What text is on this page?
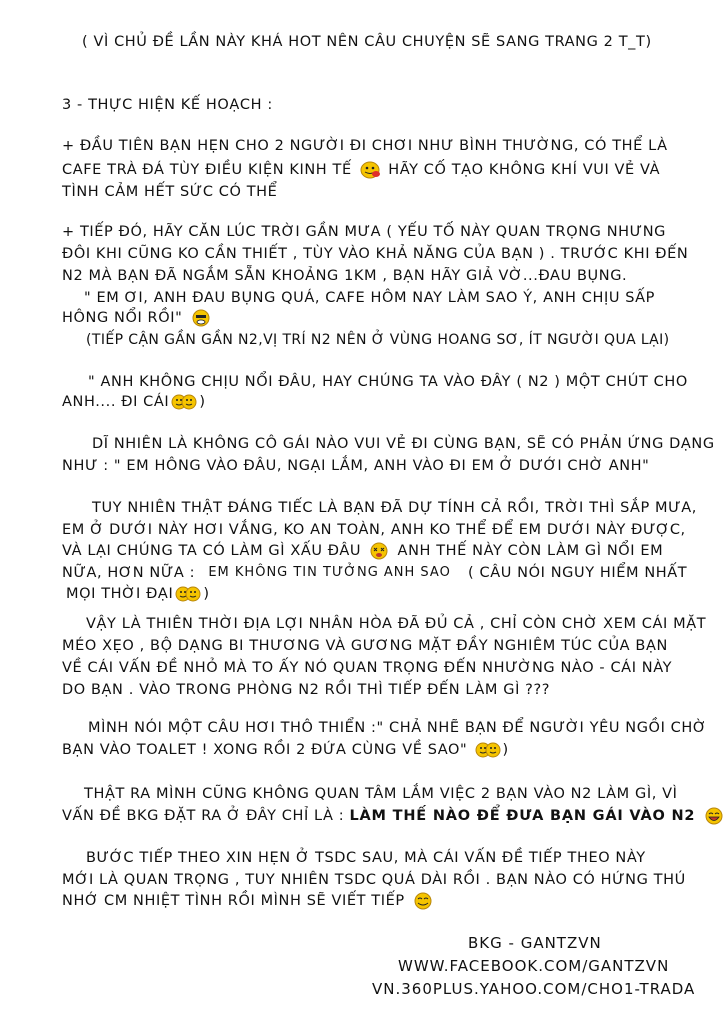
( VÌ CHỦ ĐỀ LẦN NÀY KHÁ HOT NÊN CÂU CHUYỆN SẼ SANG TRANG 2 T_T)
3 - THỰC HIỆN KẾ HOẠCH :
+ ĐẦU TIÊN BẠN HẸN CHO 2 NGƯỜI ĐI CHƠI NHƯ BÌNH THƯỜNG, CÓ THỂ LÀ
CAFE TRÀ ĐÁ TÙY ĐIỀU KIỆN KINH TẾ	HÃY CỐ TẠO KHÔNG KHÍ VUI VẺ VÀ
TÌNH CẢM HẾT SỨC CÓ THỂ
+ TIẾP ĐÓ, HÃY CĂN LÚC TRỜI GẦN MƯA ( YẾU TỐ NÀY QUAN TRỌNG NHƯNG
ĐÔI KHI CŨNG KO CẦN THIẾT , TÙY VÀO KHẢ NĂNG CỦA BẠN ) . TRƯỚC KHI ĐẾN
N2 MÀ BẠN ĐÃ NGẮM SẴN KHOẢNG 1KM , BẠN HÃY GIẢ VỜ...ĐAU BỤNG.
" EM ƠI, ANH ĐAU BỤNG QUÁ, CAFE HÔM NAY LÀM SAO Ý, ANH CHỊU SẤP
HÔNG NỔI RỒI"
(TIẾP CẬN GẦN GẦN N2,VỊ TRÍ N2 NÊN Ở VÙNG HOANG SƠ, ÍT NGƯỜI QUA LẠI)
" ANH KHÔNG CHỊU NỔI ĐÂU, HAY CHÚNG TA VÀO ĐÂY ( N2 ) MỘT CHÚT CHO
ANH.... ĐI CÁI )
DĨ NHIÊN LÀ KHÔNG CÔ GÁI NÀO VUI VẺ ĐI CÙNG BẠN, SẼ CÓ PHẢN ỨNG DẠNG
NHƯ : " EM HÔNG VÀO ĐÂU, NGẠI LẮM, ANH VÀO ĐI EM Ở DƯỚI CHỜ ANH"
TUY NHIÊN THẬT ĐÁNG TIẾC LÀ BẠN ĐÃ DỰ TÍNH CẢ RỒI, TRỜI THÌ SẮP MƯA,
EM Ở DƯỚI NÀY HƠI VẮNG, KO AN TOÀN, ANH KO THỂ ĐỂ EM DƯỚI NÀY ĐƯỢC,
VÀ LẠI CHÚNG TA CÓ LÀM GÌ XẤU ĐÂU	ANH THẾ NÀY CÒN LÀM GÌ NỔI EM
NỮA, HƠN NỮA : EM KHÔNG TIN TƯỞNG ANH SAO ( CÂU NÓI NGUY HIỂM NHẤT
MỌI THỜI ĐẠI )
VẬY LÀ THIÊN THỜI ĐỊA LỢI NHÂN HÒA ĐÃ ĐỦ CẢ , CHỈ CÒN CHỜ XEM CÁI MẶT
MÉO XẸO , BỘ DẠNG BI THƯƠNG VÀ GƯƠNG MẶT ĐẦY NGHIÊM TÚC CỦA BẠN
VỀ CÁI VẤN ĐỀ NHỎ MÀ TO ẤY NÓ QUAN TRỌNG ĐẾN NHƯỜNG NÀO - CÁI NÀY
DO BẠN . VÀO TRONG PHÒNG N2 RỒI THÌ TIẾP ĐẾN LÀM GÌ ???
MÌNH NÓI MỘT CÂU HƠI THÔ THIỂN :" CHẢ NHẼ BẠN ĐỂ NGƯỜI YÊU NGỒI CHỜ
BẠN VÀO TOALET ! XONG RỒI 2 ĐỨA CÙNG VỀ SAO" )
THẬT RA MÌNH CŨNG KHÔNG QUAN TÂM LẮM VIỆC 2 BẠN VÀO N2 LÀM GÌ, VÌ
VẤN ĐỀ BKG ĐẶT RA Ở ĐÂY CHỈ LÀ : LÀM THẾ NÀO ĐỂ ĐƯA BẠN GÁI VÀO N2
BƯỚC TIẾP THEO XIN HẸN Ở TSDC SAU, MÀ CÁI VẤN ĐỀ TIẾP THEO NÀY
MỚI LÀ QUAN TRỌNG , TUY NHIÊN TSDC QUÁ DÀI RỒI . BẠN NÀO CÓ HỨNG THÚ
NHỚ CM NHIỆT TÌNH RỒI MÌNH SẼ VIẾT TIẾP
BKG - GANTZVN
WWW.FACEBOOK.COM/GANTZVN
VN.360PLUS.YAHOO.COM/CHO1-TRADA
